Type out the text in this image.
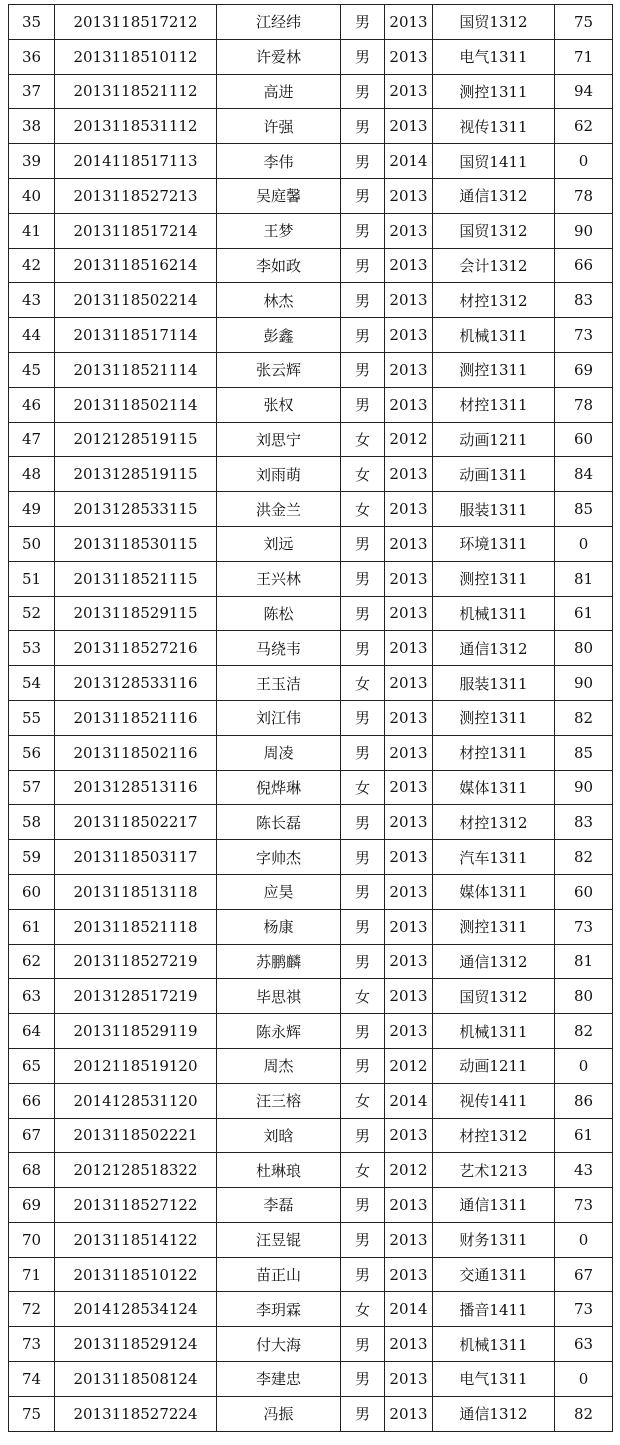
35	2013118517212	江经纬	男	2013	国贸1312	75
36	2013118510112	许爱林	男	2013	电气1311	71
37	2013118521112	高进	男	2013	测控1311	94
38	2013118531112	许强	男	2013	视传1311	62
39	2014118517113	李伟	男	2014	国贸1411	0
40	2013118527213	吴庭馨	男	2013	通信1312	78
41	2013118517214	王梦	男	2013	国贸1312	90
42	2013118516214	李如政	男	2013	会计1312	66
43	2013118502214	林杰	男	2013	材控1312	83
44	2013118517114	彭鑫	男	2013	机械1311	73
45	2013118521114	张云辉	男	2013	测控1311	69
46	2013118502114	张权	男	2013	材控1311	78
47	2012128519115	刘思宁	女	2012	动画1211	60
48	2013128519115	刘雨萌	女	2013	动画1311	84
49	2013128533115	洪金兰	女	2013	服装1311	85
50	2013118530115	刘远	男	2013	环境1311	0
51	2013118521115	王兴林	男	2013	测控1311	81
52	2013118529115	陈松	男	2013	机械1311	61
53	2013118527216	马绕韦	男	2013	通信1312	80
54	2013128533116	王玉洁	女	2013	服装1311	90
55	2013118521116	刘江伟	男	2013	测控1311	82
56	2013118502116	周凌	男	2013	材控1311	85
57	2013128513116	倪烨琳	女	2013	媒体1311	90
58	2013118502217	陈长磊	男	2013	材控1312	83
59	2013118503117	字帅杰	男	2013	汽车1311	82
60	2013118513118	应昊	男	2013	媒体1311	60
61	2013118521118	杨康	男	2013	测控1311	73
62	2013118527219	苏鹏麟	男	2013	通信1312	81
63	2013128517219	毕思祺	女	2013	国贸1312	80
64	2013118529119	陈永辉	男	2013	机械1311	82
65	2012118519120	周杰	男	2012	动画1211	0
66	2014128531120	汪三榕	女	2014	视传1411	86
67	2013118502221	刘晗	男	2013	材控1312	61
68	2012128518322	杜琳琅	女	2012	艺术1213	43
69	2013118527122	李磊	男	2013	通信1311	73
70	2013118514122	汪昱锟	男	2013	财务1311	0
71	2013118510122	苗正山	男	2013	交通1311	67
72	2014128534124	李玥霖	女	2014	播音1411	73
73	2013118529124	付大海	男	2013	机械1311	63
74	2013118508124	李建忠	男	2013	电气1311	0
75	2013118527224	冯振	男	2013	通信1312	82
